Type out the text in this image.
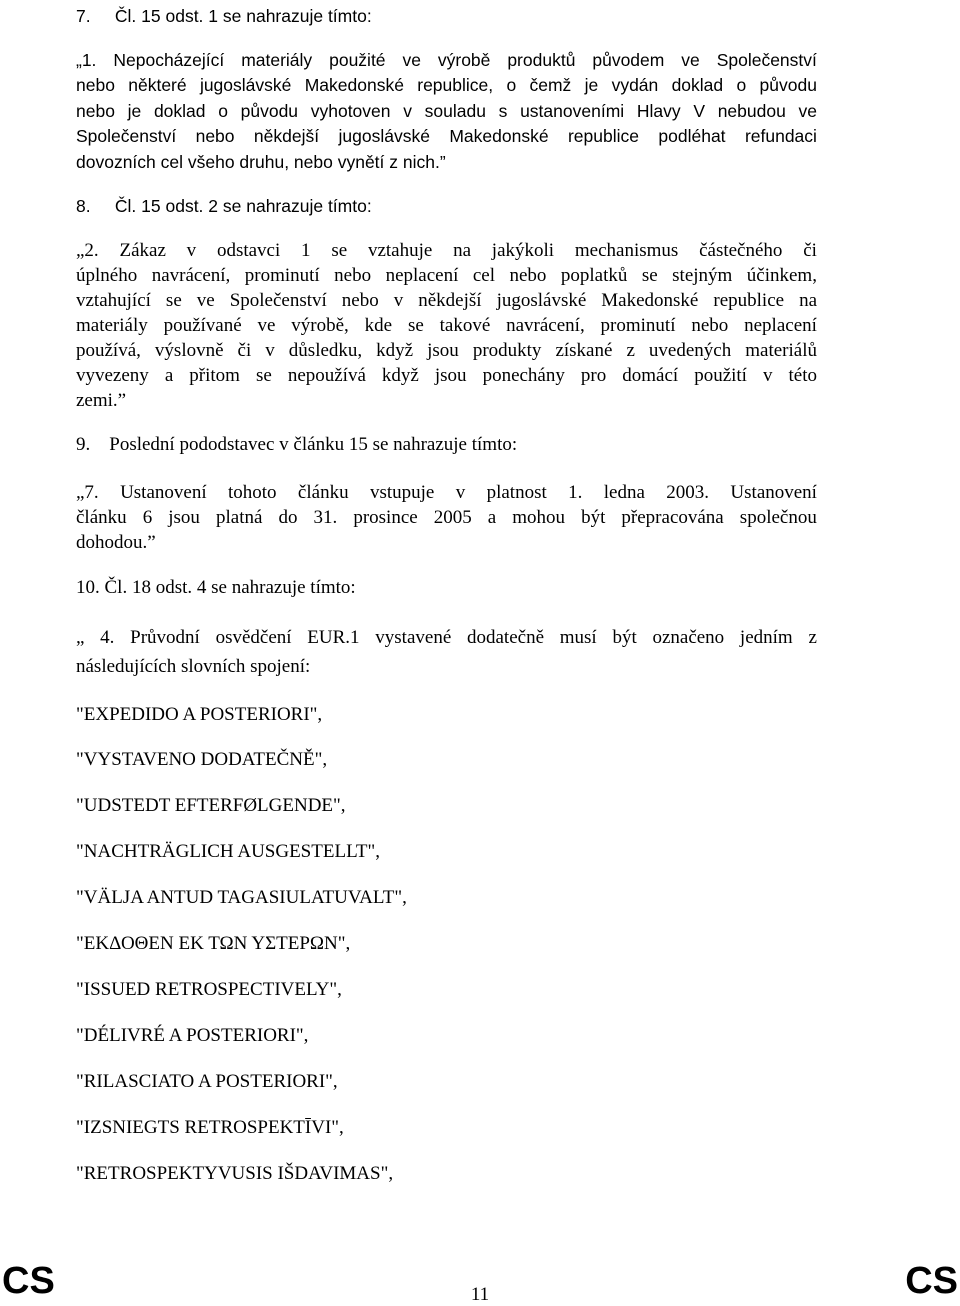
7.     Čl. 15 odst. 1 se nahrazuje tímto:

„1. Nepocházející materiály použité ve výrobě produktů původem ve Společenství

nebo některé jugoslávské Makedonské republice, o čemž je vydán doklad o původu

nebo je doklad o původu vyhotoven v souladu s ustanoveními Hlavy V nebudou ve

Společenství nebo někdejší jugoslávské Makedonské republice podléhat refundaci

dovozních cel všeho druhu, nebo vynětí z nich.”

8.     Čl. 15 odst. 2 se nahrazuje tímto:

„2. Zákaz v odstavci 1 se vztahuje na jakýkoli mechanismus částečného či

úplného navrácení, prominutí nebo neplacení cel nebo poplatků se stejným účinkem,

vztahující se ve Společenství nebo v někdejší jugoslávské Makedonské republice na

materiály používané ve výrobě, kde se takové navrácení, prominutí nebo neplacení

používá, výslovně či v důsledku, když jsou produkty získané z uvedených materiálů

vyvezeny a přitom se nepoužívá když jsou ponechány pro domácí použití v této

zemi.”

9.    Poslední pododstavec v článku 15 se nahrazuje tímto:

„7. Ustanovení tohoto článku vstupuje v platnost 1. ledna 2003. Ustanovení

článku 6 jsou platná do 31. prosince 2005 a mohou být přepracována společnou

dohodou.”

10. Čl. 18 odst. 4 se nahrazuje tímto:

„ 4. Průvodní osvědčení EUR.1 vystavené dodatečně musí být označeno jedním z

následujících slovních spojení:

"EXPEDIDO A POSTERIORI",

"VYSTAVENO DODATEČNĚ",

"UDSTEDT EFTERFØLGENDE",

"NACHTRÄGLICH AUSGESTELLT",

"VÄLJA ANTUD TAGASIULATUVALT",

"ΕΚΔΟΘΕΝ ΕΚ ΤΩΝ ΥΣΤΕΡΩΝ",

"ISSUED RETROSPECTIVELY",

"DÉLIVRÉ A POSTERIORI",

"RILASCIATO A POSTERIORI",

"IZSNIEGTS RETROSPEKTĪVI",

"RETROSPEKTYVUSIS IŠDAVIMAS",

CS	11	CS
